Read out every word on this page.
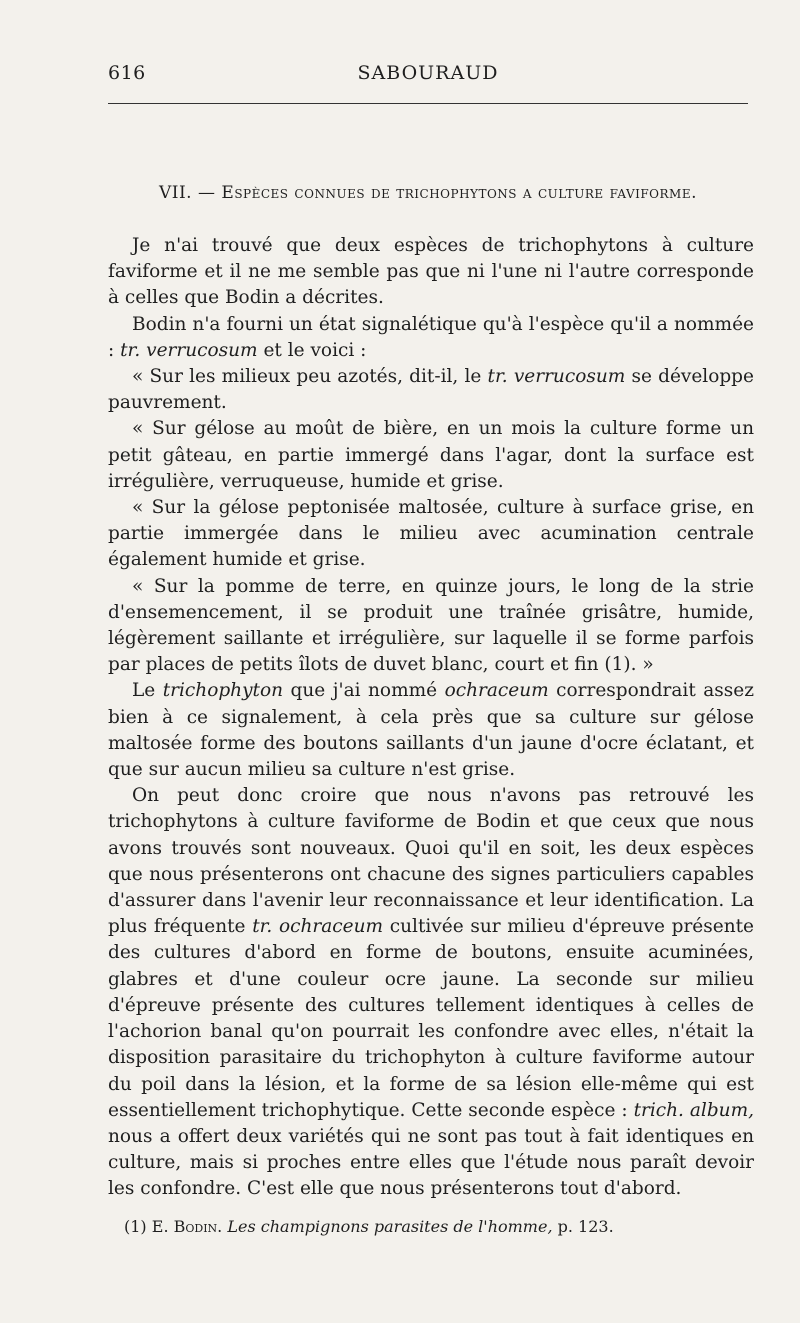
616	SABOURAUD
VII. — Espèces connues de trichophytons a culture faviforme.

Je n'ai trouvé que deux espèces de trichophytons à culture faviforme et il ne me semble pas que ni l'une ni l'autre corresponde à celles que Bodin a décrites.

Bodin n'a fourni un état signalétique qu'à l'espèce qu'il a nommée : tr. verrucosum et le voici :

« Sur les milieux peu azotés, dit-il, le tr. verrucosum se développe pauvrement.

« Sur gélose au moût de bière, en un mois la culture forme un petit gâteau, en partie immergé dans l'agar, dont la surface est irrégulière, verruqueuse, humide et grise.

« Sur la gélose peptonisée maltosée, culture à surface grise, en partie immergée dans le milieu avec acumination centrale également humide et grise.

« Sur la pomme de terre, en quinze jours, le long de la strie d'ensemencement, il se produit une traînée grisâtre, humide, légèrement saillante et irrégulière, sur laquelle il se forme parfois par places de petits îlots de duvet blanc, court et fin (1). »

Le trichophyton que j'ai nommé ochraceum correspondrait assez bien à ce signalement, à cela près que sa culture sur gélose maltosée forme des boutons saillants d'un jaune d'ocre éclatant, et que sur aucun milieu sa culture n'est grise.

On peut donc croire que nous n'avons pas retrouvé les trichophytons à culture faviforme de Bodin et que ceux que nous avons trouvés sont nouveaux. Quoi qu'il en soit, les deux espèces que nous présenterons ont chacune des signes particuliers capables d'assurer dans l'avenir leur reconnaissance et leur identification. La plus fréquente tr. ochraceum cultivée sur milieu d'épreuve présente des cultures d'abord en forme de boutons, ensuite acuminées, glabres et d'une couleur ocre jaune. La seconde sur milieu d'épreuve présente des cultures tellement identiques à celles de l'achorion banal qu'on pourrait les confondre avec elles, n'était la disposition parasitaire du trichophyton à culture faviforme autour du poil dans la lésion, et la forme de sa lésion elle-même qui est essentiellement trichophytique. Cette seconde espèce : trich. album, nous a offert deux variétés qui ne sont pas tout à fait identiques en culture, mais si proches entre elles que l'étude nous paraît devoir les confondre. C'est elle que nous présenterons tout d'abord.

(1) E. Bodin. Les champignons parasites de l'homme, p. 123.
